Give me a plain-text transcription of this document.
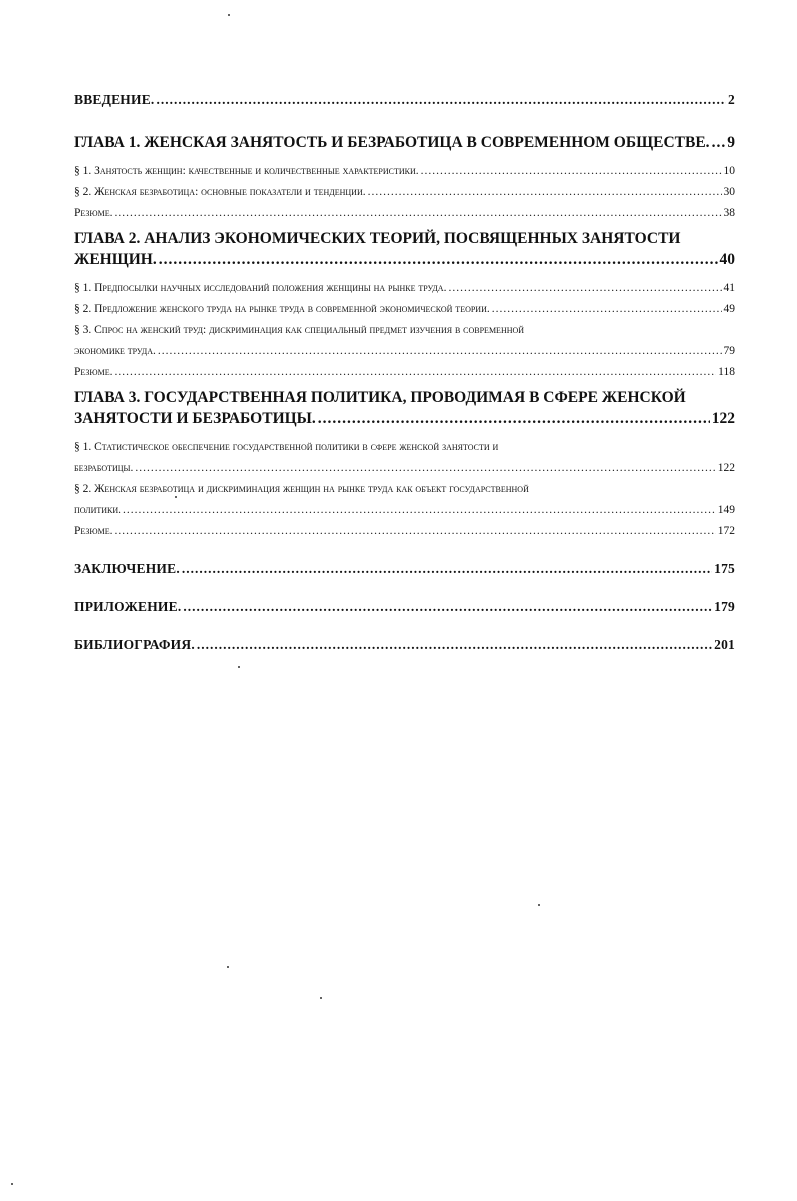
ВВЕДЕНИЕ. .....	2
ГЛАВА 1. ЖЕНСКАЯ ЗАНЯТОСТЬ И БЕЗРАБОТИЦА В СОВРЕМЕННОМ ОБЩЕСТВЕ. ..... 9
§ 1. Занятость женщин: качественные и количественные характеристики. .....	10
§ 2. Женская безработица: основные показатели и тенденции. .....	30
Резюме. .....	38
ГЛАВА 2. АНАЛИЗ ЭКОНОМИЧЕСКИХ ТЕОРИЙ, ПОСВЯЩЕННЫХ ЗАНЯТОСТИ
ЖЕНЩИН. .....	40
§ 1. Предпосылки научных исследований положения женщины на рынке труда. .....	41
§ 2. Предложение женского труда на рынке труда в современной экономической теории. .....	49
§ 3. Спрос на женский труд: дискриминация как специальный предмет изучения в современной
экономике труда. .....	79
Резюме. .....	118
ГЛАВА 3. ГОСУДАРСТВЕННАЯ ПОЛИТИКА, ПРОВОДИМАЯ В СФЕРЕ ЖЕНСКОЙ
ЗАНЯТОСТИ И БЕЗРАБОТИЦЫ. .....	122
§ 1. Статистическое обеспечение государственной политики в сфере женской занятости и
безработицы. .....	122
§ 2. Женская безработица и дискриминация женщин на рынке труда как объект государственной
политики. .....	149
Резюме. .....	172
ЗАКЛЮЧЕНИЕ. .....	175
ПРИЛОЖЕНИЕ. .....	179
БИБЛИОГРАФИЯ. .....	201
